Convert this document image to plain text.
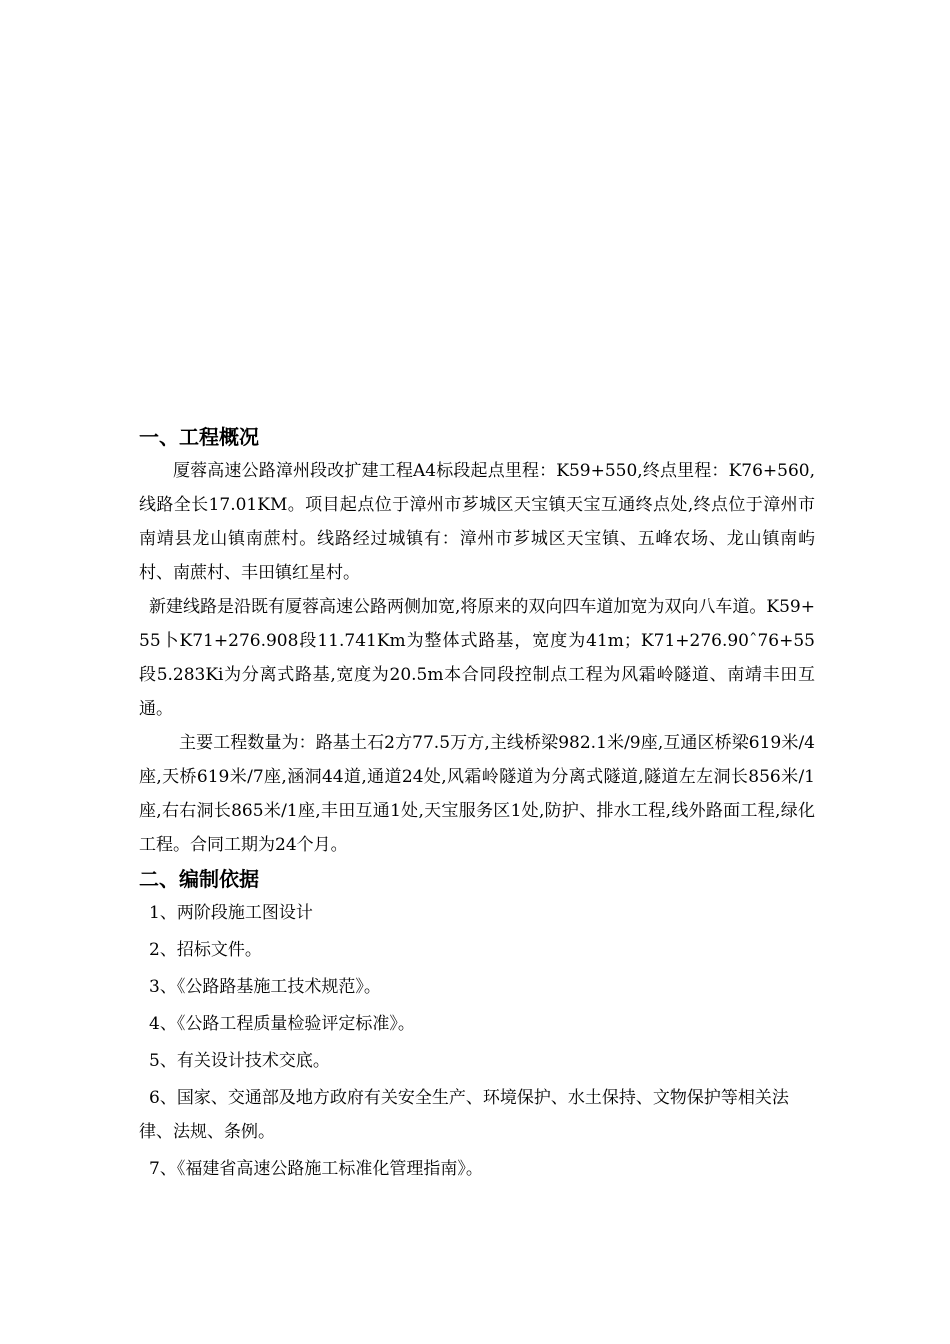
一、工程概况

厦蓉高速公路漳州段改扩建工程A4标段起点里程：K59+550,终点里程：K76+560,线路全长17.01KM。项目起点位于漳州市芗城区天宝镇天宝互通终点处,终点位于漳州市南靖县龙山镇南蔗村。线路经过城镇有：漳州市芗城区天宝镇、五峰农场、龙山镇南屿村、南蔗村、丰田镇红星村。

新建线路是沿既有厦蓉高速公路两侧加宽,将原来的双向四车道加宽为双向八车道。K59+55卜K71+276.908段11.741Km为整体式路基，宽度为41m；K71+276.90ˆ76+55段5.283Ki为分离式路基,宽度为20.5m本合同段控制点工程为风霜岭隧道、南靖丰田互通。

主要工程数量为：路基土石2方77.5万方,主线桥梁982.1米/9座,互通区桥梁619米/4座,天桥619米/7座,涵洞44道,通道24处,风霜岭隧道为分离式隧道,隧道左左洞长856米/1座,右右洞长865米/1座,丰田互通1处,天宝服务区1处,防护、排水工程,线外路面工程,绿化工程。合同工期为24个月。

二、编制依据
1、两阶段施工图设计
2、招标文件。
3、《公路路基施工技术规范》。
4、《公路工程质量检验评定标准》。
5、有关设计技术交底。
6、国家、交通部及地方政府有关安全生产、环境保护、水土保持、文物保护等相关法律、法规、条例。
7、《福建省高速公路施工标准化管理指南》。
